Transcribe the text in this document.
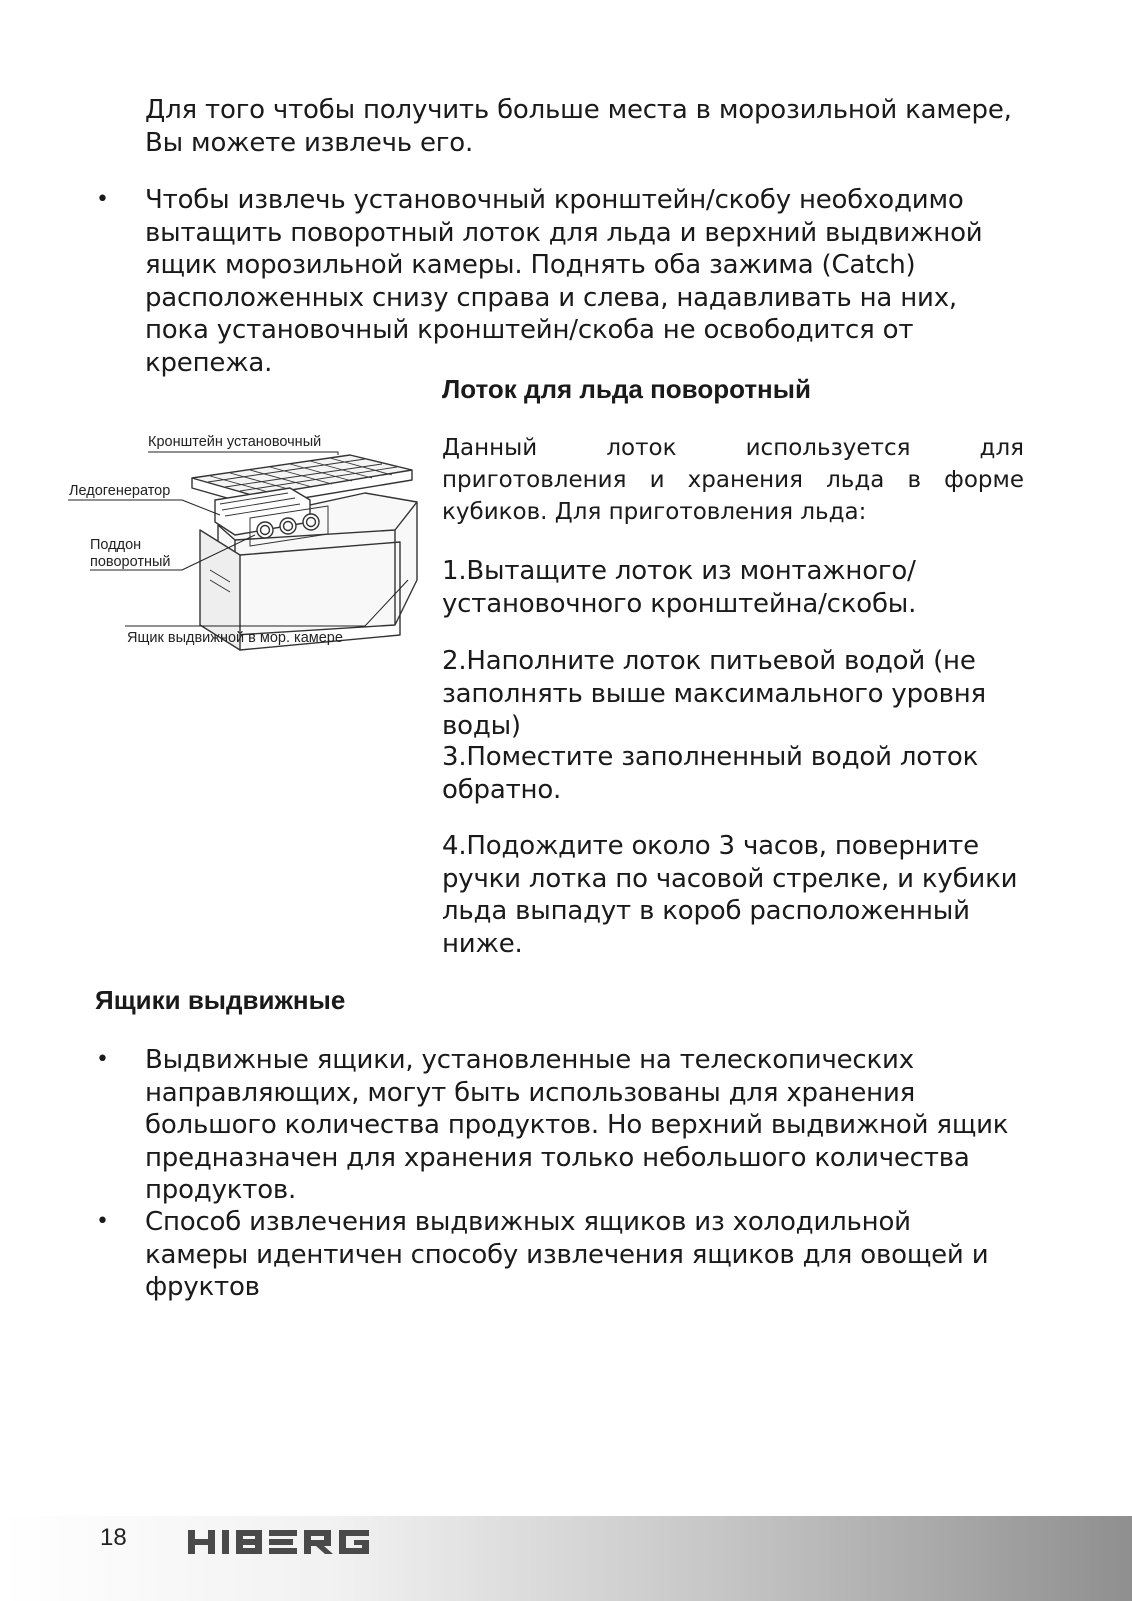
Для того чтобы получить больше места в морозильной камере,
Вы можете извлечь его.
• Чтобы извлечь установочный кронштейн/скобу необходимо
вытащить поворотный лоток для льда и верхний выдвижной
ящик морозильной камеры. Поднять оба зажима (Catch)
расположенных снизу справа и слева, надавливать на них,
пока установочный кронштейн/скоба не освободится от
крепежа.
Лоток для льда поворотный
Данный лоток используется для приготовления и хранения льда в форме кубиков. Для приготовления льда:
1.Вытащите лоток из монтажного/
установочного кронштейна/скобы.
2.Наполните лоток питьевой водой (не
заполнять выше максимального уровня
воды)
3.Поместите заполненный водой лоток
обратно.
4.Подождите около 3 часов, поверните
ручки лотка по часовой стрелке, и кубики
льда выпадут в короб расположенный
ниже.
Кронштейн установочный
Ледогенератор
Поддон
поворотный
Ящик выдвижной в мор. камере
Ящики выдвижные
• Выдвижные ящики, установленные на телескопических
направляющих, могут быть использованы для хранения
большого количества продуктов. Но верхний выдвижной ящик
предназначен для хранения только небольшого количества
продуктов.
• Способ извлечения выдвижных ящиков из холодильной
камеры идентичен способу извлечения ящиков для овощей и
фруктов
18
